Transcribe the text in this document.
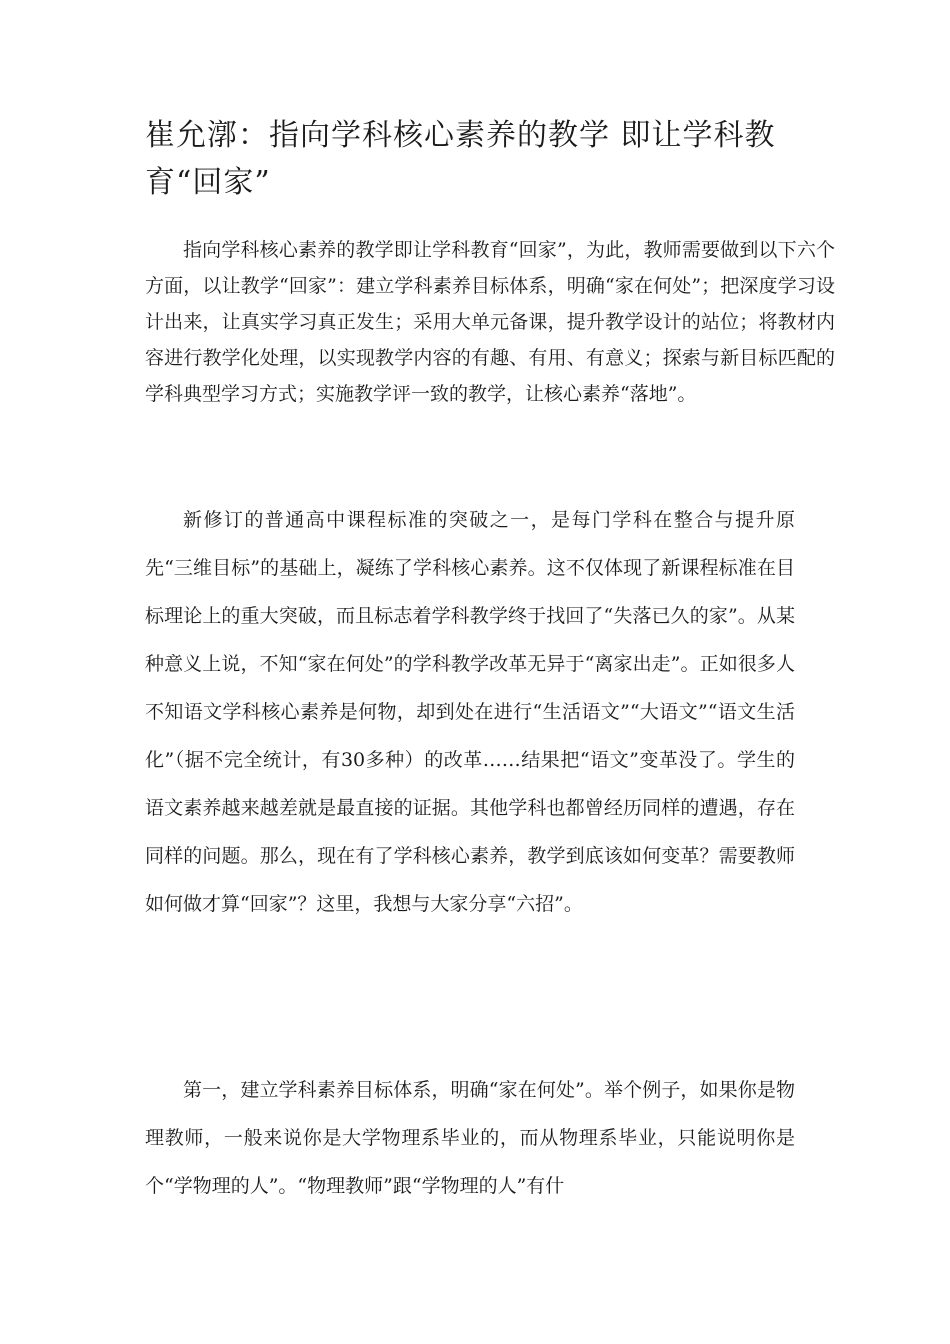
崔允漷：指向学科核心素养的教学 即让学科教育“回家”

指向学科核心素养的教学即让学科教育“回家”，为此，教师需要做到以下六个方面，以让教学“回家”：建立学科素养目标体系，明确“家在何处”；把深度学习设计出来，让真实学习真正发生；采用大单元备课，提升教学设计的站位；将教材内容进行教学化处理，以实现教学内容的有趣、有用、有意义；探索与新目标匹配的学科典型学习方式；实施教学评一致的教学，让核心素养“落地”。

新修订的普通高中课程标准的突破之一，是每门学科在整合与提升原先“三维目标”的基础上，凝练了学科核心素养。这不仅体现了新课程标准在目标理论上的重大突破，而且标志着学科教学终于找回了“失落已久的家”。从某种意义上说，不知“家在何处”的学科教学改革无异于“离家出走”。正如很多人不知语文学科核心素养是何物，却到处在进行“生活语文”“大语文”“语文生活化”（据不完全统计，有30多种）的改革……结果把“语文”变革没了。学生的语文素养越来越差就是最直接的证据。其他学科也都曾经历同样的遭遇，存在同样的问题。那么，现在有了学科核心素养，教学到底该如何变革？需要教师如何做才算“回家”？这里，我想与大家分享“六招”。

第一，建立学科素养目标体系，明确“家在何处”。举个例子，如果你是物理教师，一般来说你是大学物理系毕业的，而从物理系毕业，只能说明你是个“学物理的人”。“物理教师”跟“学物理的人”有什
